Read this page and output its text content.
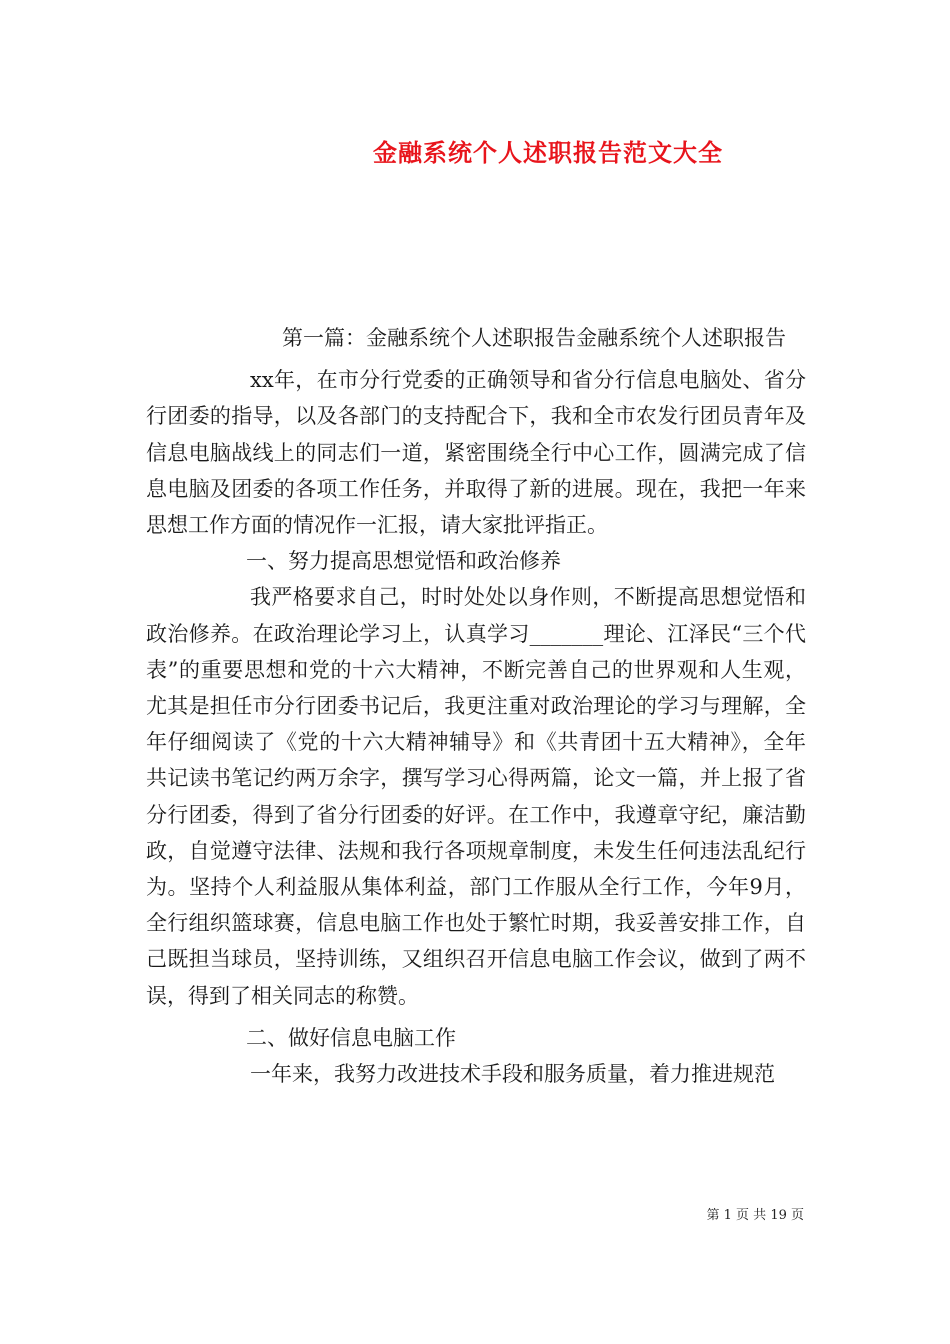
金融系统个人述职报告范文大全

第一篇：金融系统个人述职报告金融系统个人述职报告

xx年，在市分行党委的正确领导和省分行信息电脑处、省分行团委的指导，以及各部门的支持配合下，我和全市农发行团员青年及信息电脑战线上的同志们一道，紧密围绕全行中心工作，圆满完成了信息电脑及团委的各项工作任务，并取得了新的进展。现在，我把一年来思想工作方面的情况作一汇报，请大家批评指正。

一、努力提高思想觉悟和政治修养

我严格要求自己，时时处处以身作则，不断提高思想觉悟和政治修养。在政治理论学习上，认真学习_______理论、江泽民“三个代表”的重要思想和党的十六大精神，不断完善自己的世界观和人生观，尤其是担任市分行团委书记后，我更注重对政治理论的学习与理解，全年仔细阅读了《党的十六大精神辅导》和《共青团十五大精神》，全年共记读书笔记约两万余字，撰写学习心得两篇，论文一篇，并上报了省分行团委，得到了省分行团委的好评。在工作中，我遵章守纪，廉洁勤政，自觉遵守法律、法规和我行各项规章制度，未发生任何违法乱纪行为。坚持个人利益服从集体利益，部门工作服从全行工作，今年9月，全行组织篮球赛，信息电脑工作也处于繁忙时期，我妥善安排工作，自己既担当球员，坚持训练，又组织召开信息电脑工作会议，做到了两不误，得到了相关同志的称赞。

二、做好信息电脑工作

一年来，我努力改进技术手段和服务质量，着力推进规范

第 1 页 共 19 页
